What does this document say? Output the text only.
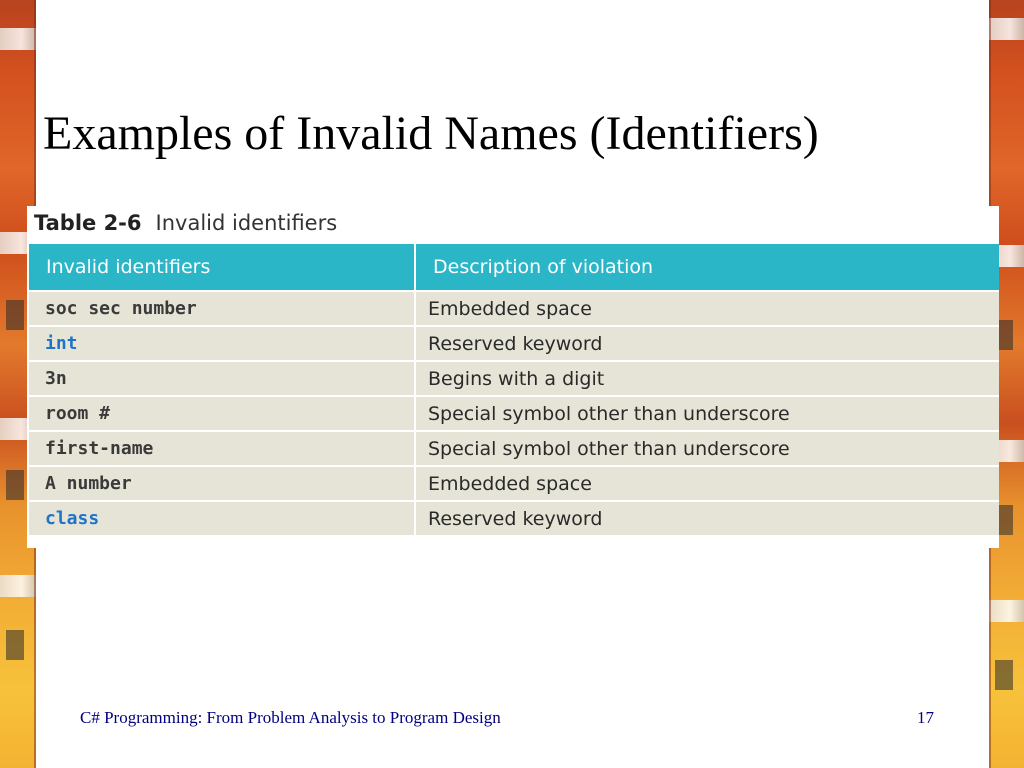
Examples of Invalid Names (Identifiers)
Table 2-6 Invalid identifiers
Invalid identifiers	Description of violation
soc sec number	Embedded space
int	Reserved keyword
3n	Begins with a digit
room #	Special symbol other than underscore
first-name	Special symbol other than underscore
A number	Embedded space
class	Reserved keyword
C# Programming: From Problem Analysis to Program Design	17
